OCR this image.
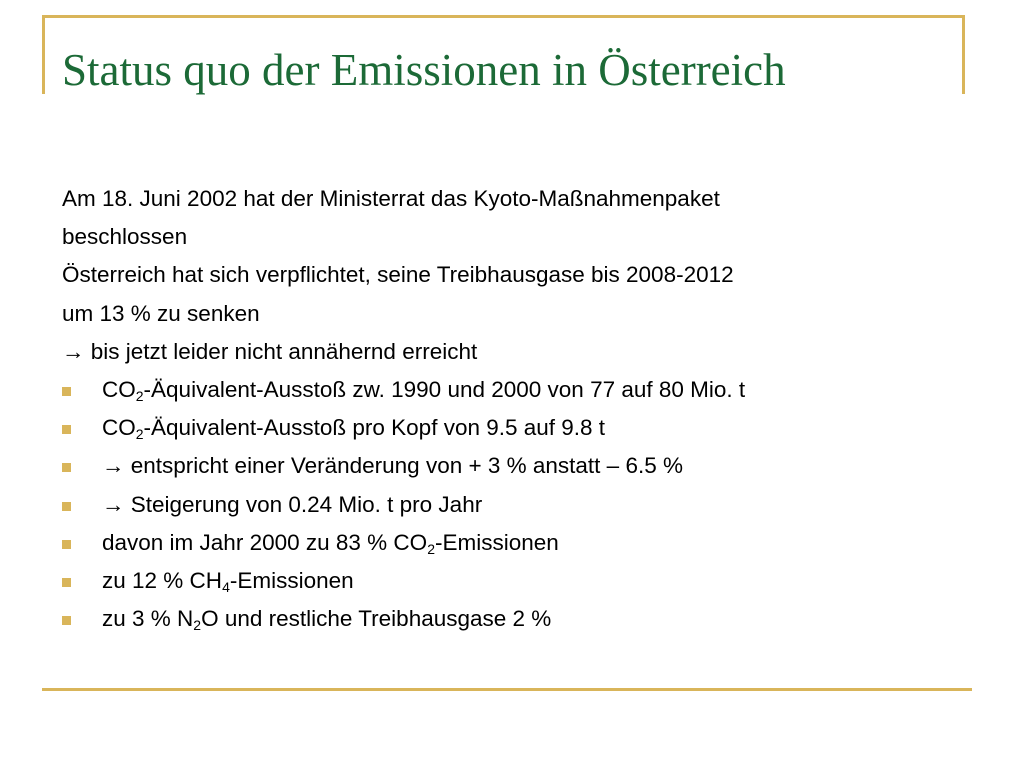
Status quo der Emissionen in Österreich
Am 18. Juni 2002 hat der Ministerrat das Kyoto-Maßnahmenpaket
beschlossen
Österreich hat sich verpflichtet, seine Treibhausgase bis 2008-2012
um 13 % zu senken
→ bis jetzt leider nicht annähernd erreicht
$CO_2-Äquivalent$-Ausstoß zw. 1990 und 2000 von 77 auf 80 Mio. t
$CO_2-Äquivalent$-Ausstoß pro Kopf von 9.5 auf 9.8 t
→ entspricht einer Veränderung von + 3 % anstatt – 6.5 %
→ Steigerung von 0.24 Mio. t pro Jahr
davon im Jahr 2000 zu 83 % $CO_2$-Emissionen
zu 12 % $CH_4$-Emissionen
zu 3 % $N_2O$ und restliche Treibhausgase 2 %
